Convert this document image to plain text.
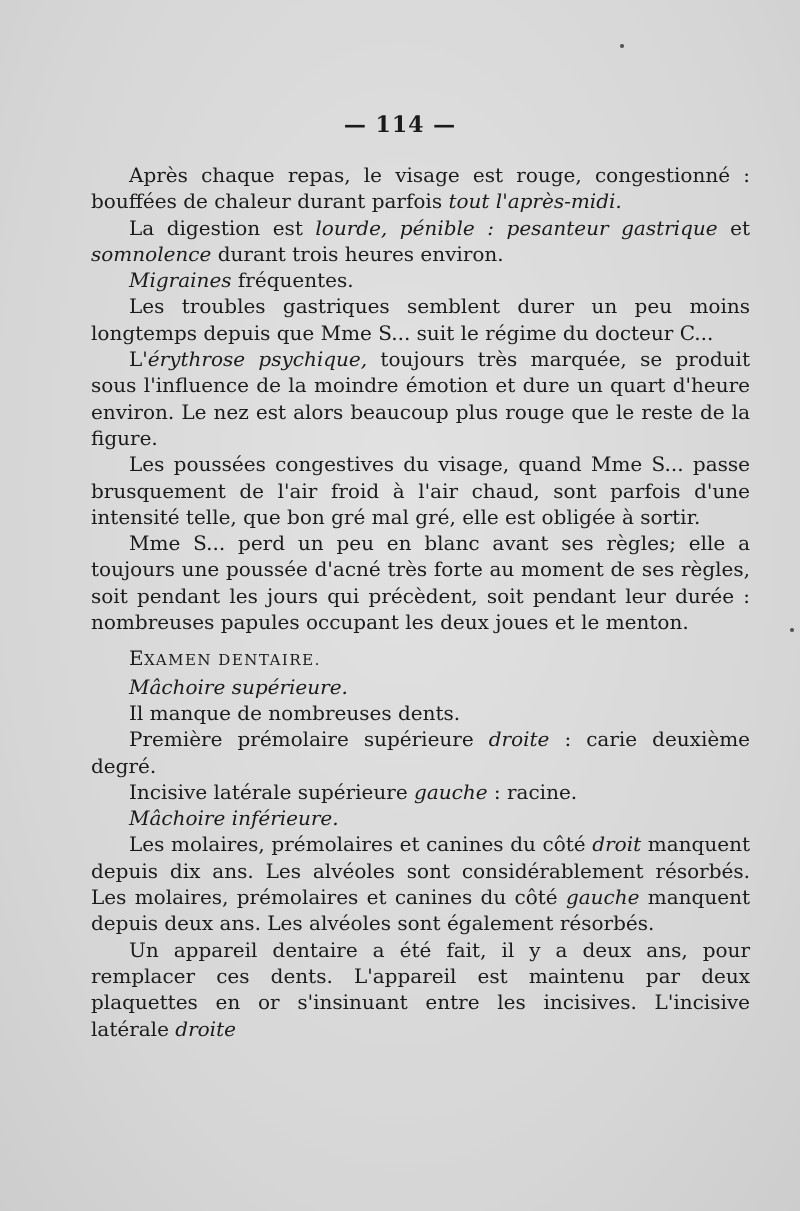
— 114 —

Après chaque repas, le visage est rouge, congestionné : bouffées de chaleur durant parfois tout l'après-midi.

La digestion est lourde, pénible : pesanteur gastrique et somnolence durant trois heures environ.

Migraines fréquentes.

Les troubles gastriques semblent durer un peu moins longtemps depuis que Mme S... suit le régime du docteur C...

L'érythrose psychique, toujours très marquée, se produit sous l'influence de la moindre émotion et dure un quart d'heure environ. Le nez est alors beaucoup plus rouge que le reste de la figure.

Les poussées congestives du visage, quand Mme S... passe brusquement de l'air froid à l'air chaud, sont parfois d'une intensité telle, que bon gré mal gré, elle est obligée à sortir.

Mme S... perd un peu en blanc avant ses règles; elle a toujours une poussée d'acné très forte au moment de ses règles, soit pendant les jours qui précèdent, soit pendant leur durée : nombreuses papules occupant les deux joues et le menton.

EXAMEN DENTAIRE.

Mâchoire supérieure.

Il manque de nombreuses dents.

Première prémolaire supérieure droite : carie deuxième degré.

Incisive latérale supérieure gauche : racine.

Mâchoire inférieure.

Les molaires, prémolaires et canines du côté droit manquent depuis dix ans. Les alvéoles sont considérablement résorbés. Les molaires, prémolaires et canines du côté gauche manquent depuis deux ans. Les alvéoles sont également résorbés.

Un appareil dentaire a été fait, il y a deux ans, pour remplacer ces dents. L'appareil est maintenu par deux plaquettes en or s'insinuant entre les incisives. L'incisive latérale droite
